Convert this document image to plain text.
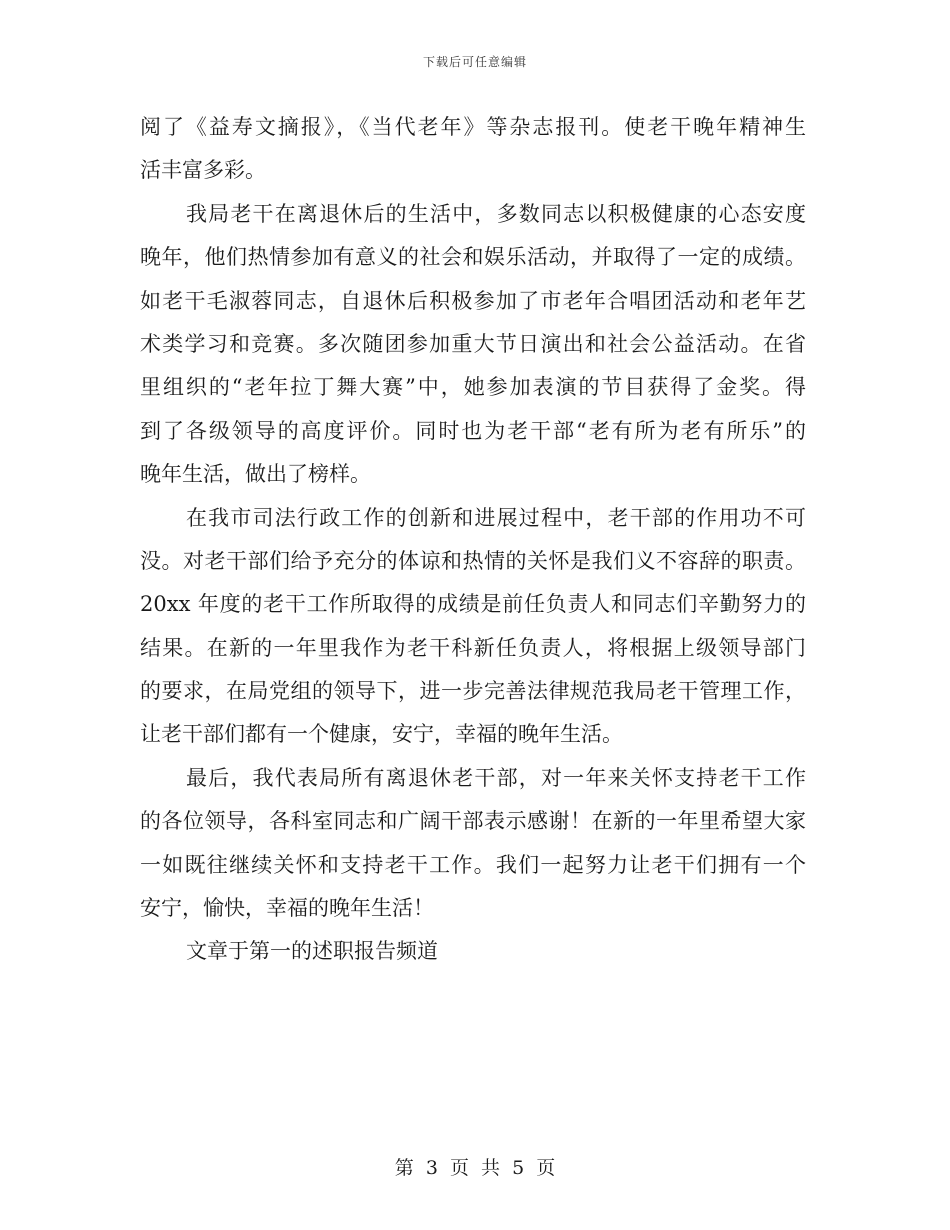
下载后可任意编辑
阅了《益寿文摘报》，《当代老年》等杂志报刊。使老干晚年精神生
活丰富多彩。
我局老干在离退休后的生活中，多数同志以积极健康的心态安度
晚年，他们热情参加有意义的社会和娱乐活动，并取得了一定的成绩。
如老干毛淑蓉同志，自退休后积极参加了市老年合唱团活动和老年艺
术类学习和竞赛。多次随团参加重大节日演出和社会公益活动。在省
里组织的“老年拉丁舞大赛”中，她参加表演的节目获得了金奖。得
到了各级领导的高度评价。同时也为老干部“老有所为老有所乐”的
晚年生活，做出了榜样。
在我市司法行政工作的创新和进展过程中，老干部的作用功不可
没。对老干部们给予充分的体谅和热情的关怀是我们义不容辞的职责。
20xx 年度的老干工作所取得的成绩是前任负责人和同志们辛勤努力的
结果。在新的一年里我作为老干科新任负责人，将根据上级领导部门
的要求，在局党组的领导下，进一步完善法律规范我局老干管理工作，
让老干部们都有一个健康，安宁，幸福的晚年生活。
最后，我代表局所有离退休老干部，对一年来关怀支持老干工作
的各位领导，各科室同志和广阔干部表示感谢！在新的一年里希望大家
一如既往继续关怀和支持老干工作。我们一起努力让老干们拥有一个
安宁，愉快，幸福的晚年生活！
文章于第一的述职报告频道
第 3 页 共 5 页
